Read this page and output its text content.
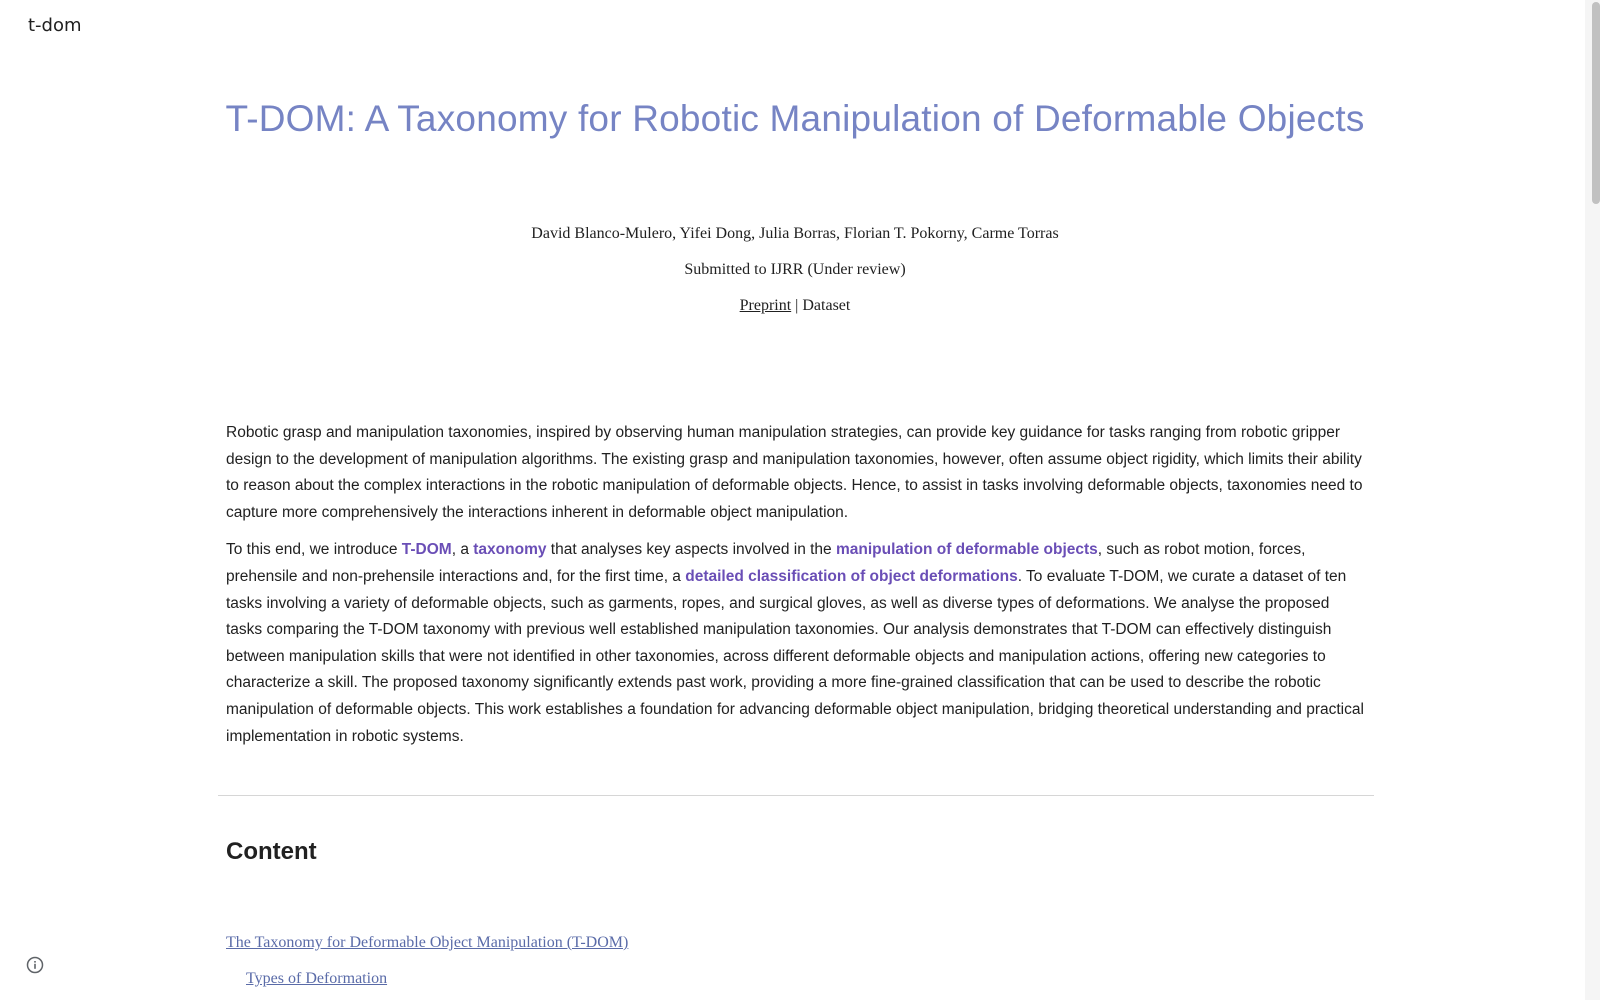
t-dom
T-DOM: A Taxonomy for Robotic Manipulation of Deformable Objects
David Blanco-Mulero, Yifei Dong, Julia Borras, Florian T. Pokorny, Carme Torras
Submitted to IJRR (Under review)
Preprint | Dataset

Robotic grasp and manipulation taxonomies, inspired by observing human manipulation strategies, can provide key guidance for tasks ranging from robotic gripper design to the development of manipulation algorithms. The existing grasp and manipulation taxonomies, however, often assume object rigidity, which limits their ability to reason about the complex interactions in the robotic manipulation of deformable objects. Hence, to assist in tasks involving deformable objects, taxonomies need to capture more comprehensively the interactions inherent in deformable object manipulation.

To this end, we introduce T-DOM, a taxonomy that analyses key aspects involved in the manipulation of deformable objects, such as robot motion, forces, prehensile and non-prehensile interactions and, for the first time, a detailed classification of object deformations. To evaluate T-DOM, we curate a dataset of ten tasks involving a variety of deformable objects, such as garments, ropes, and surgical gloves, as well as diverse types of deformations. We analyse the proposed tasks comparing the T-DOM taxonomy with previous well established manipulation taxonomies. Our analysis demonstrates that T-DOM can effectively distinguish between manipulation skills that were not identified in other taxonomies, across different deformable objects and manipulation actions, offering new categories to characterize a skill. The proposed taxonomy significantly extends past work, providing a more fine-grained classification that can be used to describe the robotic manipulation of deformable objects. This work establishes a foundation for advancing deformable object manipulation, bridging theoretical understanding and practical implementation in robotic systems.

Content
The Taxonomy for Deformable Object Manipulation (T-DOM)
Types of Deformation
